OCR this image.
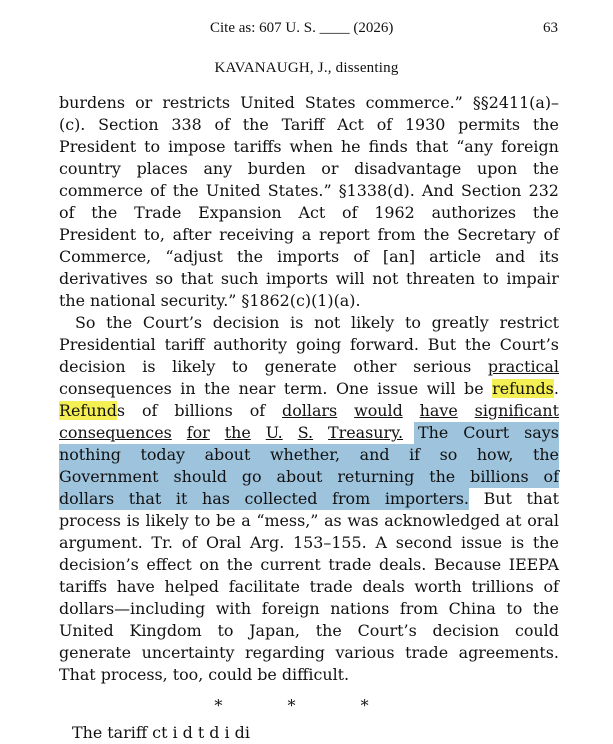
Cite as: 607 U. S. ____ (2026)	63
KAVANAUGH, J., dissenting
burdens or restricts United States commerce.” §§2411(a)–
(c). Section 338 of the Tariff Act of 1930 permits the
President to impose tariffs when he finds that “any foreign
country places any burden or disadvantage upon the
commerce of the United States.” §1338(d). And Section 232
of the Trade Expansion Act of 1962 authorizes the
President to, after receiving a report from the Secretary of
Commerce, “adjust the imports of [an] article and its
derivatives so that such imports will not threaten to impair
the national security.” §1862(c)(1)(a).
So the Court’s decision is not likely to greatly restrict
Presidential tariff authority going forward. But the Court’s
decision is likely to generate other serious practical
consequences in the near term. One issue will be refunds.
Refunds of billions of dollars would have significant
consequences for the U. S. Treasury. The Court says
nothing today about whether, and if so how, the
Government should go about returning the billions of
dollars that it has collected from importers. But that
process is likely to be a “mess,” as was acknowledged at oral
argument. Tr. of Oral Arg. 153–155. A second issue is the
decision’s effect on the current trade deals. Because IEEPA
tariffs have helped facilitate trade deals worth trillions of
dollars—including with foreign nations from China to the
United Kingdom to Japan, the Court’s decision could
generate uncertainty regarding various trade agreements.
That process, too, could be difficult.
* * *
The tariff ct i d t d i di
